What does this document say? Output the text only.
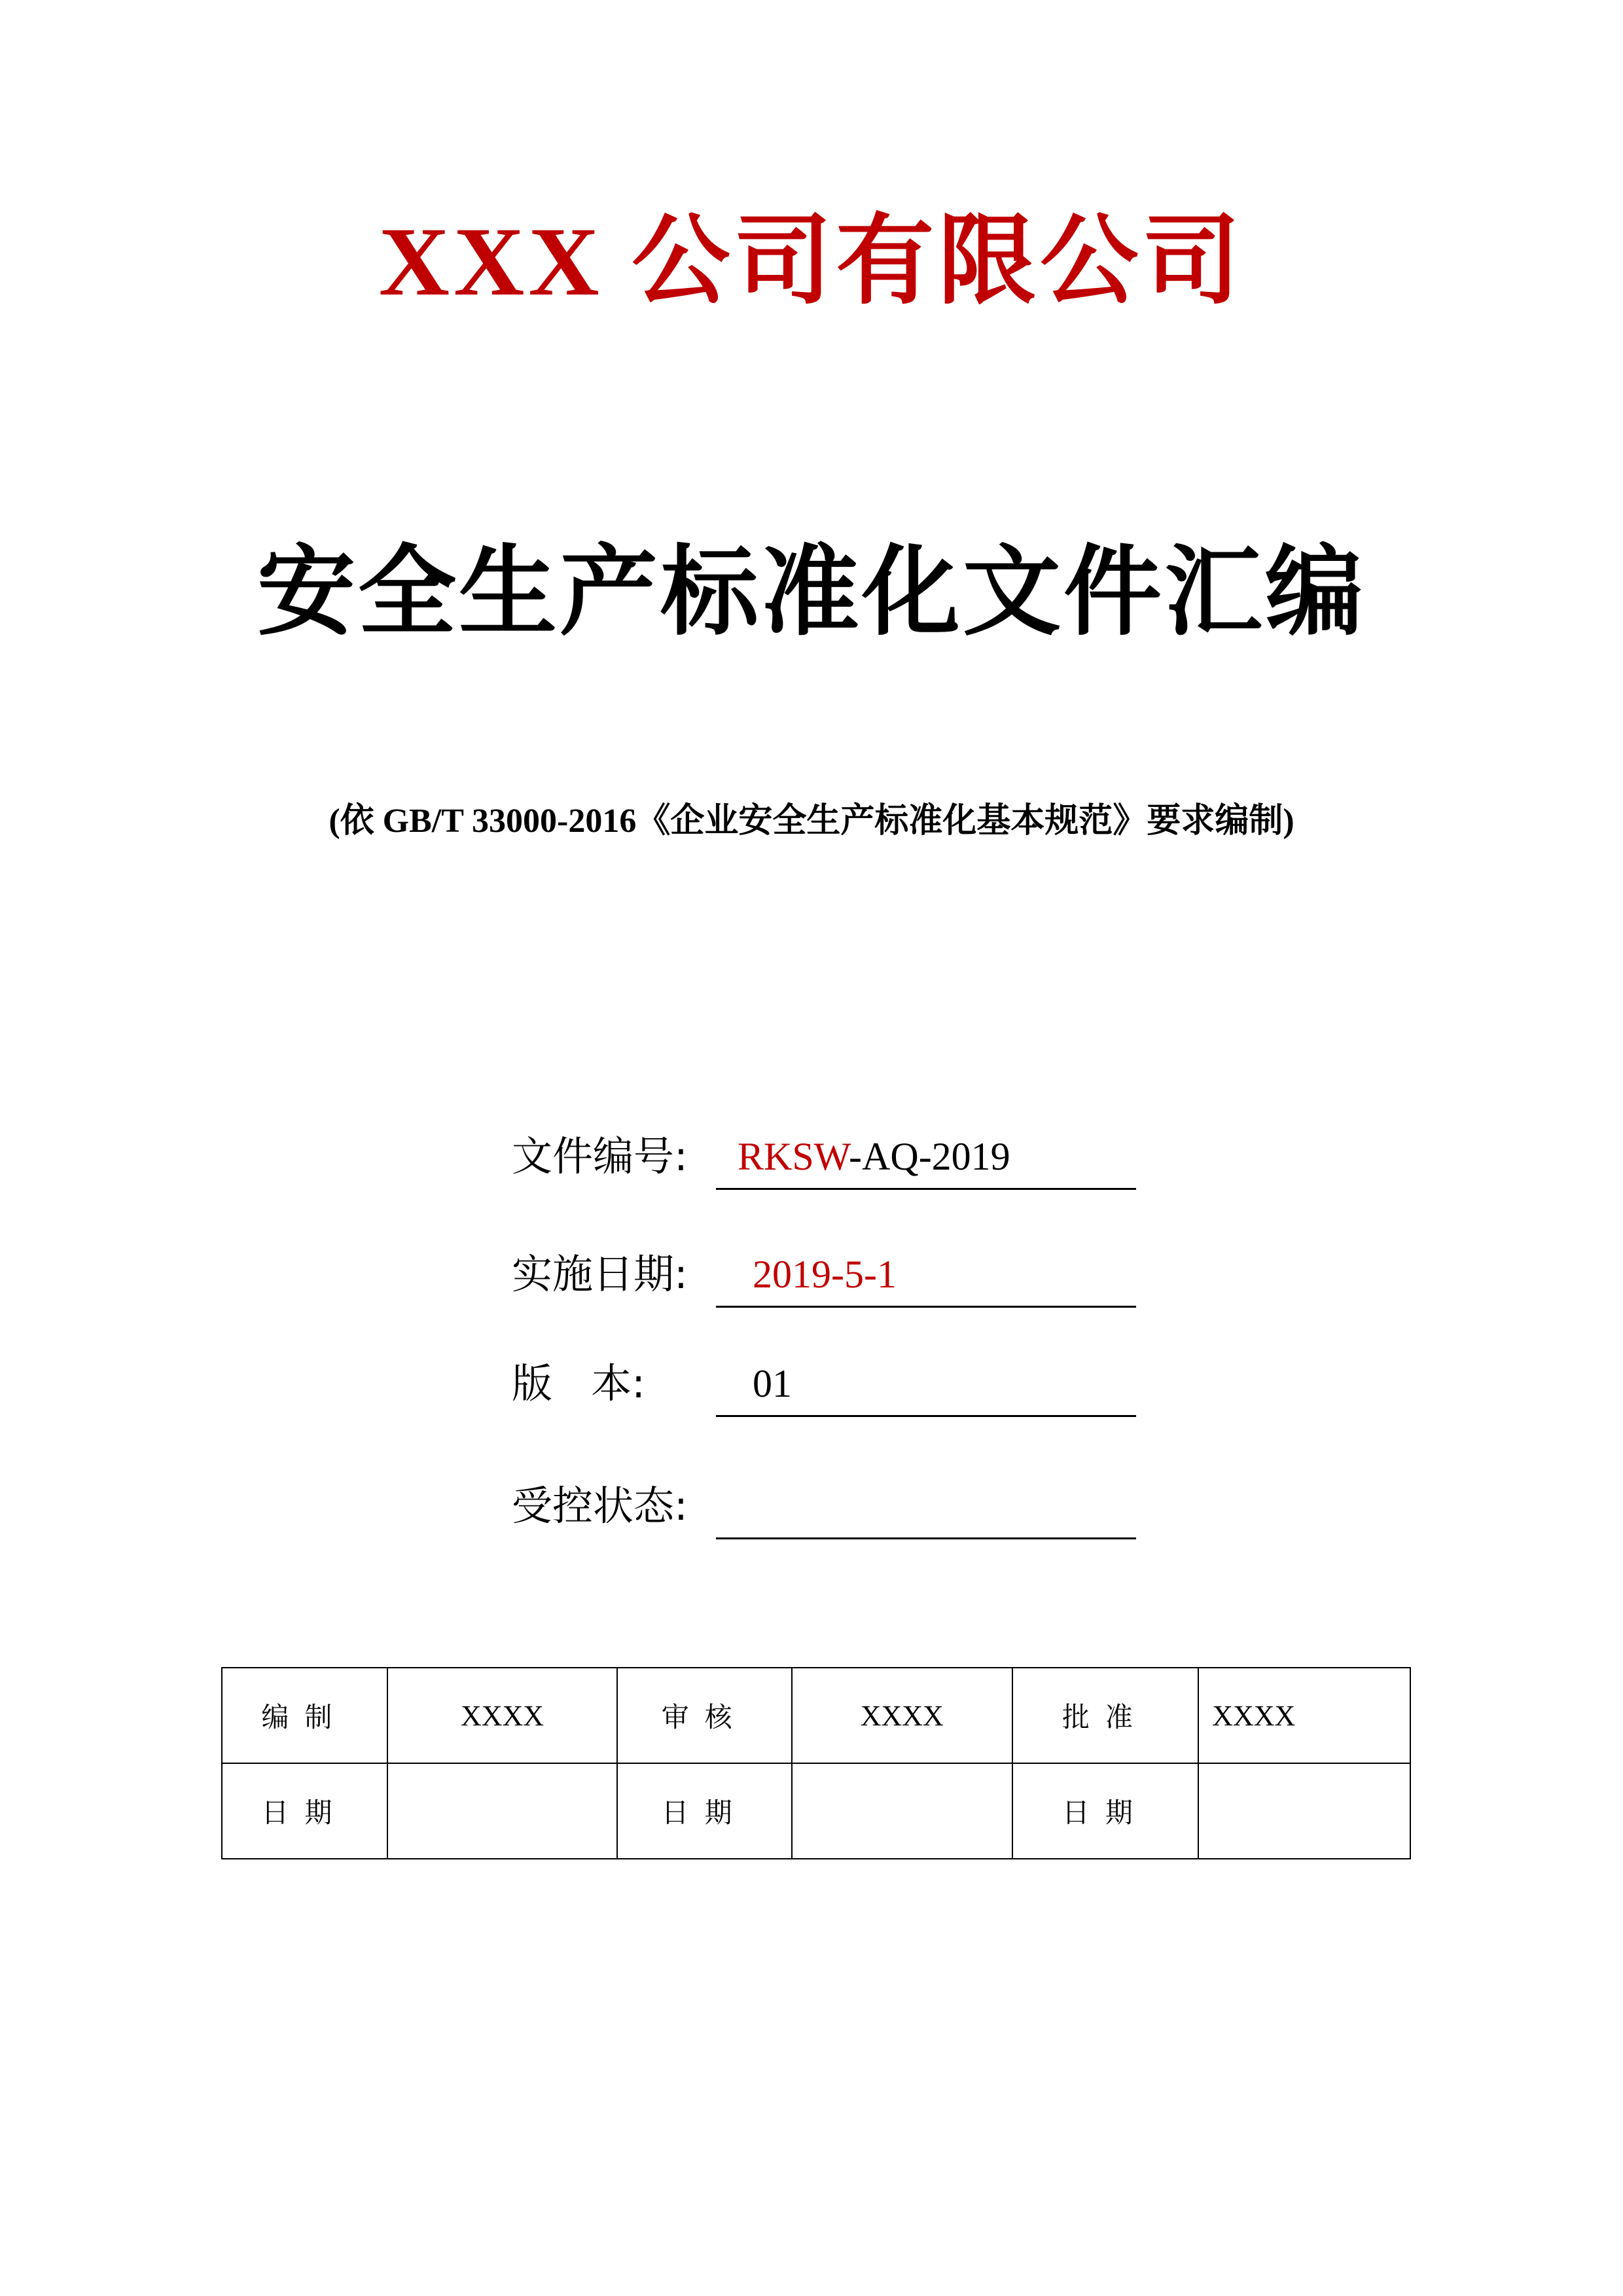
XXX 公司有限公司
安全生产标准化文件汇编
(依 GB/T 33000-2016《企业安全生产标准化基本规范》要求编制)
文件编号: RKSW-AQ-2019
实施日期: 2019-5-1
版   本:	01
受控状态:
编制	XXXX	审核	XXXX	批准	XXXX
日期		日期		日期	
